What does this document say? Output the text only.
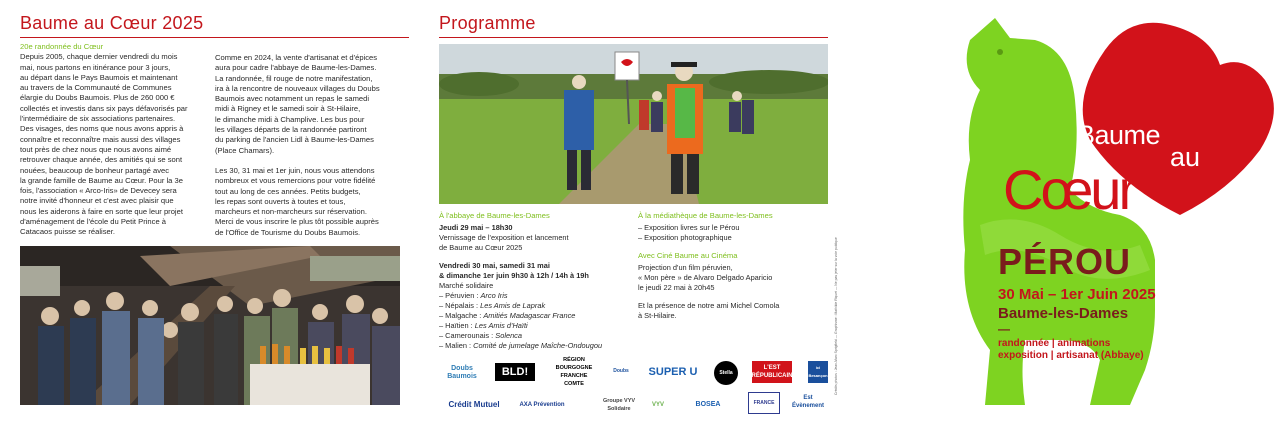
Baume au Cœur 2025

20e randonnée du Cœur

Depuis 2005, chaque dernier vendredi du mois
mai, nous partons en itinérance pour 3 jours,
au départ dans le Pays Baumois et maintenant
au travers de la Communauté de Communes
élargie du Doubs Baumois. Plus de 260 000 €
collectés et investis dans six pays défavorisés par
l'intermédiaire de six associations partenaires.
Des visages, des noms que nous avons appris à
connaître et reconnaître mais aussi des villages
tout près de chez nous que nous avons aimé
retrouver chaque année, des amitiés qui se sont
nouées, beaucoup de bonheur partagé avec
la grande famille de Baume au Cœur. Pour la 3e
fois, l'association « Arco-Iris» de Devecey sera
notre invité d'honneur et c'est avec plaisir que
nous les aiderons à faire en sorte que leur projet
d'aménagement de l'école du Petit Prince à
Catacaos puisse se réaliser.
Comme en 2024, la vente d'artisanat et d'épices
aura pour cadre l'abbaye de Baume-les-Dames.
La randonnée, fil rouge de notre manifestation,
ira à la rencontre de nouveaux villages du Doubs
Baumois avec notamment un repas le samedi
midi à Rigney et le samedi soir à St-Hilaire,
le dimanche midi à Champlive. Les bus pour
les villages départs de la randonnée partiront
du parking de l'ancien Lidl à Baume-les-Dames
(Place Chamars).
Les 30, 31 mai et 1er juin, nous vous attendons
nombreux et vous remercions pour votre fidélité
tout au long de ces années. Petits budgets,
les repas sont ouverts à toutes et tous,
marcheurs et non-marcheurs sur réservation.
Merci de vous inscrire le plus tôt possible auprès
de l'Office de Tourisme du Doubs Baumois.
Programme
À l'abbaye de Baume-les-Dames
Jeudi 29 mai – 18h30
Vernissage de l'exposition et lancement
de Baume au Cœur 2025
Vendredi 30 mai, samedi 31 mai
& dimanche 1er juin 9h30 à 12h / 14h à 19h
Marché solidaire
– Péruvien : Arco Iris
– Népalais : Les Amis de Laprak
– Malgache : Amitiés Madagascar France
– Haïtien : Les Amis d'Haïti
– Camerounais : Solenca
– Malien : Comité de jumelage Maîche-Ondougou
À la médiathèque de Baume-les-Dames
– Exposition livres sur le Pérou
– Exposition photographique
Avec Ciné Baume au Cinéma
Projection d'un film péruvien,
« Mon père » de Alvaro Delgado Aparicio
le jeudi 22 mai à 20h45
Et la présence de notre ami Michel Comola
à St-Hilaire.	Crédits photos : Jean-Marc Sprigfield — Graphisme : Mathilde Riquet — Ne pas jeter sur la voie publique
Doubs Baumois	BLD!
RÉGION BOURGOGNE FRANCHE COMTE
Doubs	SUPER U	Stella
L'EST RÉPUBLICAIN
ici Besançon
Crédit Mutuel	AXA Prévention
Groupe VYV Solidaire
VYV	BOSEA	FRANCE
Est Évènement
Baume
au
Cœur
PÉROU
30 Mai – 1er Juin 2025
Baume-les-Dames
—
randonnée | animations
exposition | artisanat (Abbaye)
